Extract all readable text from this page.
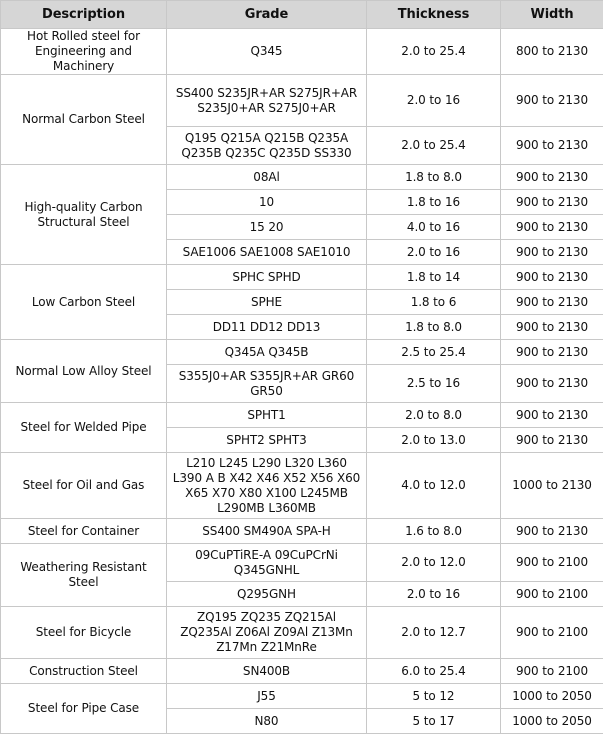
Description	Grade	Thickness	Width
Hot Rolled steel for Engineering and Machinery	Q345	2.0 to 25.4	800 to 2130
Normal Carbon Steel	SS400 S235JR+AR S275JR+AR S235J0+AR S275J0+AR	2.0 to 16	900 to 2130
	Q195 Q215A Q215B Q235A Q235B Q235C Q235D SS330	2.0 to 25.4	900 to 2130
High-quality Carbon Structural Steel	08Al	1.8 to 8.0	900 to 2130
	10	1.8 to 16	900 to 2130
	15 20	4.0 to 16	900 to 2130
	SAE1006 SAE1008 SAE1010	2.0 to 16	900 to 2130
Low Carbon Steel	SPHC SPHD	1.8 to 14	900 to 2130
	SPHE	1.8 to 6	900 to 2130
	DD11 DD12 DD13	1.8 to 8.0	900 to 2130
Normal Low Alloy Steel	Q345A Q345B	2.5 to 25.4	900 to 2130
	S355J0+AR S355JR+AR GR60 GR50	2.5 to 16	900 to 2130
Steel for Welded Pipe	SPHT1	2.0 to 8.0	900 to 2130
	SPHT2 SPHT3	2.0 to 13.0	900 to 2130
Steel for Oil and Gas	L210 L245 L290 L320 L360 L390 A B X42 X46 X52 X56 X60 X65 X70 X80 X100 L245MB L290MB L360MB	4.0 to 12.0	1000 to 2130
Steel for Container	SS400 SM490A SPA-H	1.6 to 8.0	900 to 2130
Weathering Resistant Steel	09CuPTiRE-A 09CuPCrNi Q345GNHL	2.0 to 12.0	900 to 2100
	Q295GNH	2.0 to 16	900 to 2100
Steel for Bicycle	ZQ195 ZQ235 ZQ215Al ZQ235Al Z06Al Z09Al Z13Mn Z17Mn Z21MnRe	2.0 to 12.7	900 to 2100
Construction Steel	SN400B	6.0 to 25.4	900 to 2100
Steel for Pipe Case	J55	5 to 12	1000 to 2050
	N80	5 to 17	1000 to 2050
